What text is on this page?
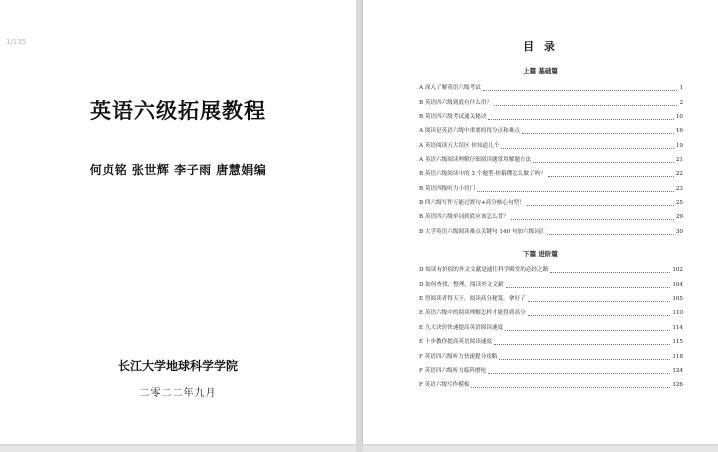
···
1/135
英语六级拓展教程
何贞铭 张世辉 李子雨 唐慧娟编
长江大学地球科学学院
二零二二年九月
目 录
上篇 基础篇
下篇 进阶篇
A 深入了解英语六级考试	1
B 英语四六级到底有什么用？	2
B 英语四六级考试通关秘诀	10
A 阅读是英语六级中重要的得分点和难点	16
A 英语阅读五大误区 你知道几个	19
A 英语六级阅读理解仔细阅读题常用解题方法	21
B 英语六级阅读中的 3 个题型-你搞懂怎么做了吗？	22
B 英语四级听力小窍门	23
B 四六级写作万能过渡句+高分核心句型！	25
B 英语四六级单词到底应该怎么背？	29
B 大学英语六级阅读难点关键句 140 句加六级词汇	30
D 阅读有价值的外文文献是通往科学殿堂的必经之路	102
D 如何查找、整理、阅读外文文献	104
E 得阅读者得天下，阅读高分秘笈，拿好了	105
E 英语六级中的阅读理解怎样才能得到高分	110
E 九大诀窍快速提高英语阅读速度	114
E 十步教你提高英语阅读速度	115
F 英语四六级听力快速提分攻略	118
F 英语四六级听力临阵磨枪	124
F 英语六级写作模板	126
